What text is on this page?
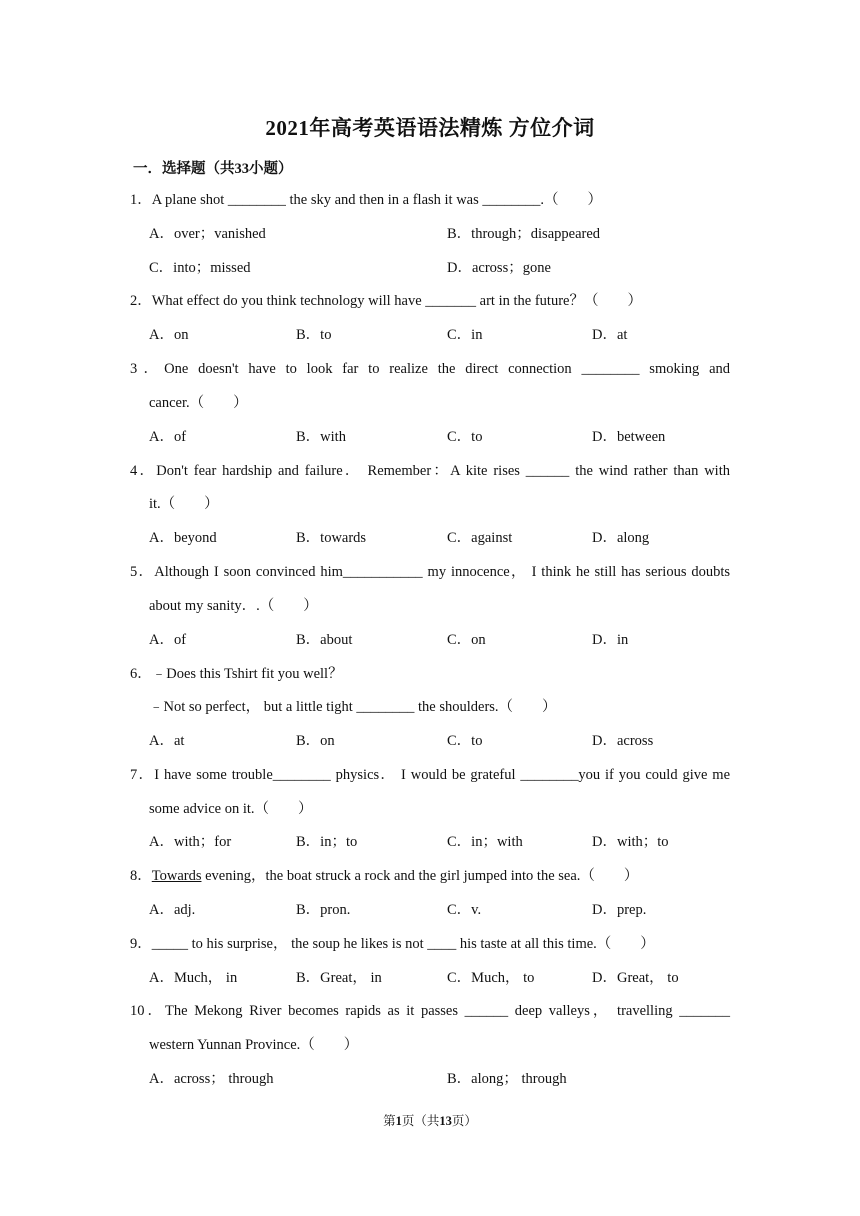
2021年高考英语语法精炼 方位介词
一．选择题（共33小题）
1．A plane shot ________ the sky and then in a flash it was ________.（　　）
A．over；vanished	B．through；disappeared
C．into；missed	D．across；gone
2．What effect do you think technology will have _______ art in the future？（　　）
A．on	B．to	C．in	D．at
3．One doesn't have to look far to realize the direct connection ________ smoking and
cancer.（　　）
A．of	B．with	C．to	D．between
4．Don't fear hardship and failure． Remember：A kite rises ______ the wind rather than with
it.（　　）
A．beyond	B．towards	C．against	D．along
5．Although I soon convinced him___________ my innocence， I think he still has serious doubts
about my sanity．.（　　）
A．of	B．about	C．on	D．in
6．﹣Does this Tshirt fit you well？
﹣Not so perfect， but a little tight ________ the shoulders.（　　）
A．at	B．on	C．to	D．across
7．I have some trouble________ physics． I would be grateful ________you if you could give me
some advice on it.（　　）
A．with；for	B．in；to	C．in；with	D．with；to
8．Towards evening，the boat struck a rock and the girl jumped into the sea.（　　）
A．adj.	B．pron.	C．v.	D．prep.
9．_____ to his surprise， the soup he likes is not ____ his taste at all this time.（　　）
A．Much， in	B．Great， in	C．Much， to	D．Great， to
10．The Mekong River becomes rapids as it passes ______ deep valleys， travelling _______
western Yunnan Province.（　　）
A．across； through	B．along； through
第1页（共13页）
